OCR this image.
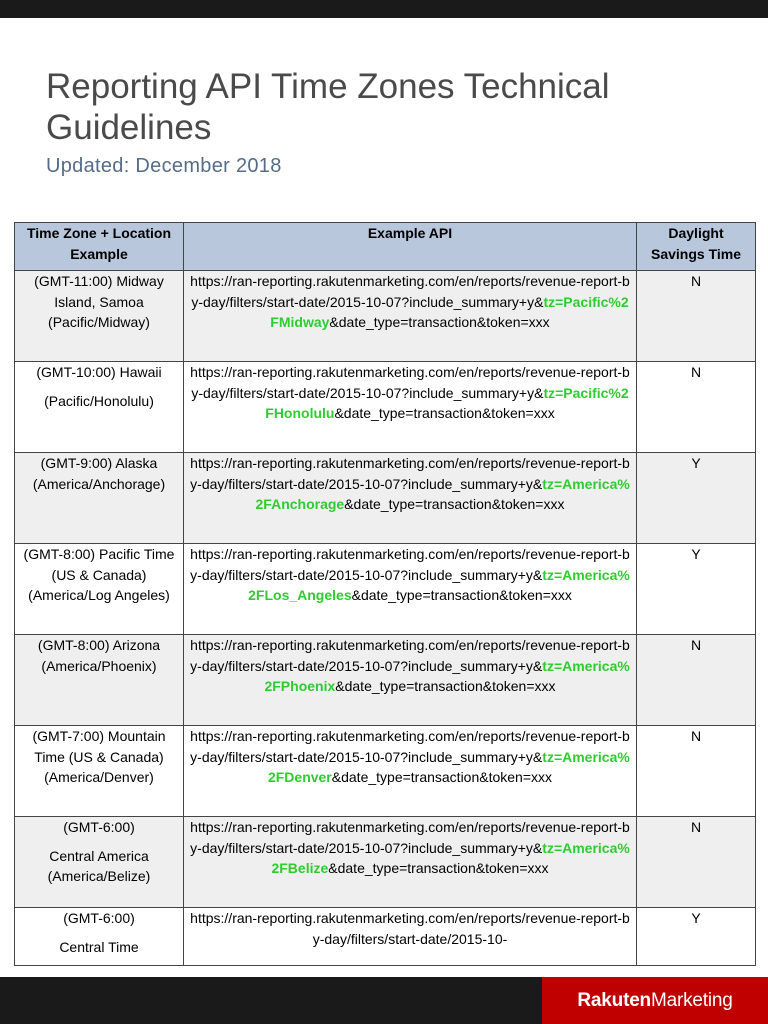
Reporting API Time Zones Technical Guidelines
Updated: December 2018
Time Zone + Location Example	Example API	Daylight Savings Time

(GMT-11:00) Midway Island, Samoa (Pacific/Midway)	https://ran-reporting.rakutenmarketing.com/en/reports/revenue-report-by-day/filters/start-date/2015-10-07?include_summary+y&tz=Pacific%2FMidway&date_type=transaction&token=xxx	N

(GMT-10:00) Hawaii
(Pacific/Honolulu)	https://ran-reporting.rakutenmarketing.com/en/reports/revenue-report-by-day/filters/start-date/2015-10-07?include_summary+y&tz=Pacific%2FHonolulu&date_type=transaction&token=xxx	N

(GMT-9:00) Alaska (America/Anchorage)	https://ran-reporting.rakutenmarketing.com/en/reports/revenue-report-by-day/filters/start-date/2015-10-07?include_summary+y&tz=America%2FAnchorage&date_type=transaction&token=xxx	Y

(GMT-8:00) Pacific Time (US & Canada) (America/Log Angeles)	https://ran-reporting.rakutenmarketing.com/en/reports/revenue-report-by-day/filters/start-date/2015-10-07?include_summary+y&tz=America%2FLos_Angeles&date_type=transaction&token=xxx	Y

(GMT-8:00) Arizona (America/Phoenix)	https://ran-reporting.rakutenmarketing.com/en/reports/revenue-report-by-day/filters/start-date/2015-10-07?include_summary+y&tz=America%2FPhoenix&date_type=transaction&token=xxx	N

(GMT-7:00) Mountain Time (US & Canada) (America/Denver)	https://ran-reporting.rakutenmarketing.com/en/reports/revenue-report-by-day/filters/start-date/2015-10-07?include_summary+y&tz=America%2FDenver&date_type=transaction&token=xxx	N

(GMT-6:00)
Central America (America/Belize)	https://ran-reporting.rakutenmarketing.com/en/reports/revenue-report-by-day/filters/start-date/2015-10-07?include_summary+y&tz=America%2FBelize&date_type=transaction&token=xxx	N

(GMT-6:00)
Central Time	https://ran-reporting.rakutenmarketing.com/en/reports/revenue-report-by-day/filters/start-date/2015-10-	Y
RakutenMarketing
